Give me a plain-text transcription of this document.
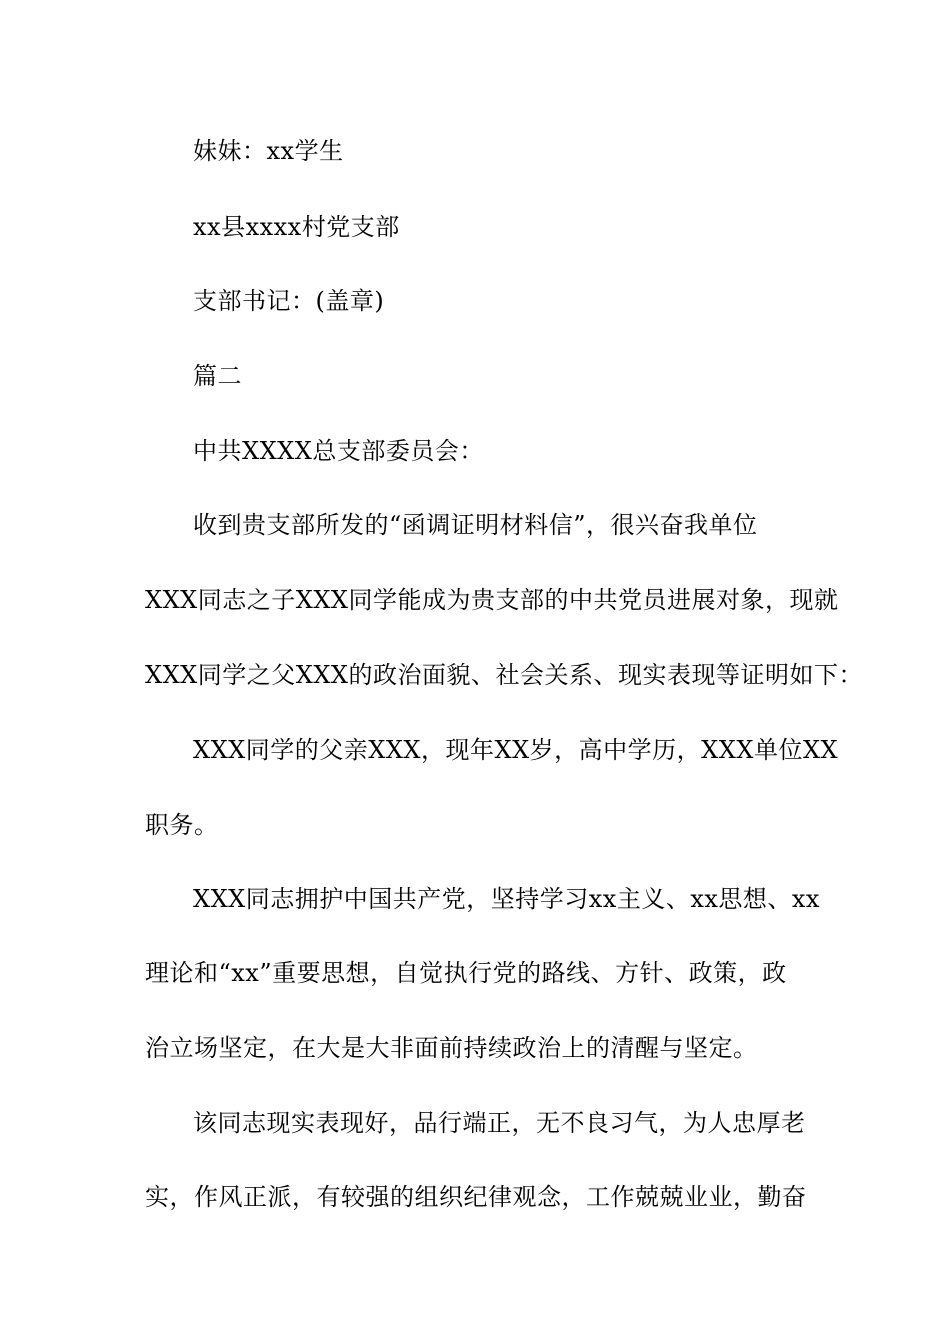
妹妹：xx学生
xx县xxxx村党支部
支部书记：(盖章)
篇二
中共XXXX总支部委员会：
收到贵支部所发的“函调证明材料信”，很兴奋我单位
XXX同志之子XXX同学能成为贵支部的中共党员进展对象，现就
XXX同学之父XXX的政治面貌、社会关系、现实表现等证明如下：
XXX同学的父亲XXX，现年XX岁，高中学历，XXX单位XX
职务。
XXX同志拥护中国共产党，坚持学习xx主义、xx思想、xx
理论和“xx”重要思想，自觉执行党的路线、方针、政策，政
治立场坚定，在大是大非面前持续政治上的清醒与坚定。
该同志现实表现好，品行端正，无不良习气，为人忠厚老
实，作风正派，有较强的组织纪律观念，工作兢兢业业，勤奋
